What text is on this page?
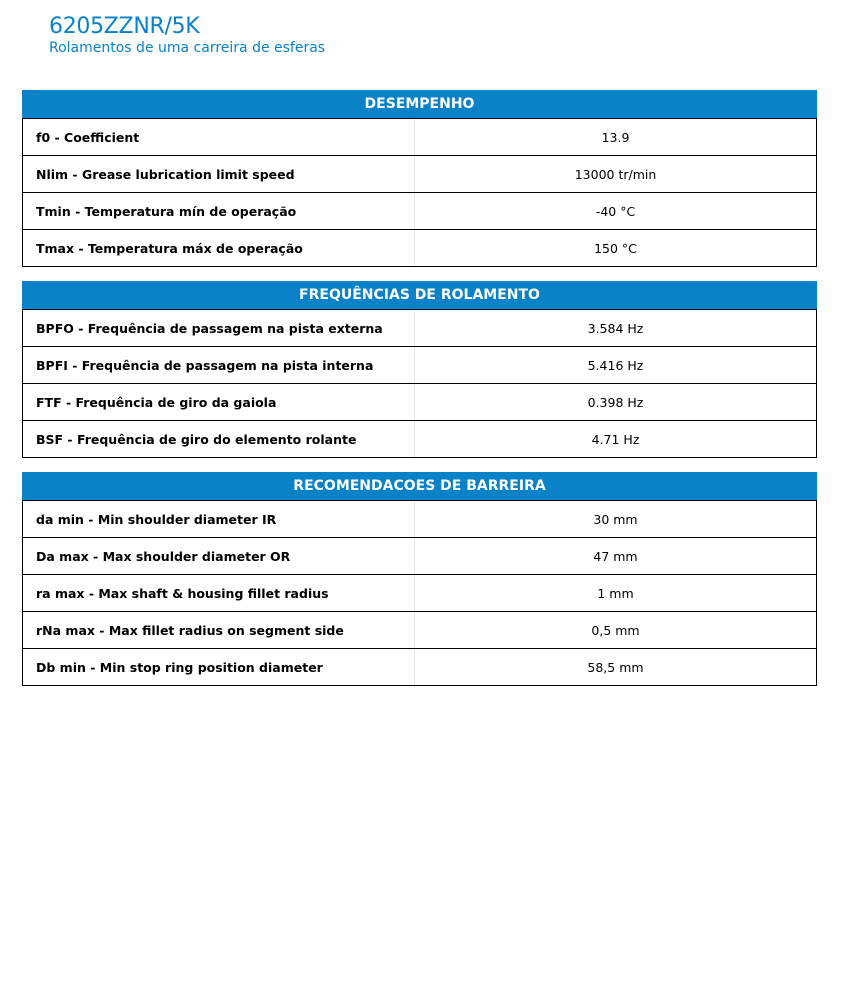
6205ZZNR/5K
Rolamentos de uma carreira de esferas
DESEMPENHO
f0 - Coefficient	13.9
Nlim - Grease lubrication limit speed	13000 tr/min
Tmin - Temperatura mín de operação	-40 °C
Tmax - Temperatura máx de operação	150 °C
FREQUÊNCIAS DE ROLAMENTO
BPFO - Frequência de passagem na pista externa	3.584 Hz
BPFI - Frequência de passagem na pista interna	5.416 Hz
FTF - Frequência de giro da gaiola	0.398 Hz
BSF - Frequência de giro do elemento rolante	4.71 Hz
RECOMENDACOES DE BARREIRA
da min - Min shoulder diameter IR	30 mm
Da max - Max shoulder diameter OR	47 mm
ra max - Max shaft & housing fillet radius	1 mm
rNa max - Max fillet radius on segment side	0,5 mm
Db min - Min stop ring position diameter	58,5 mm
